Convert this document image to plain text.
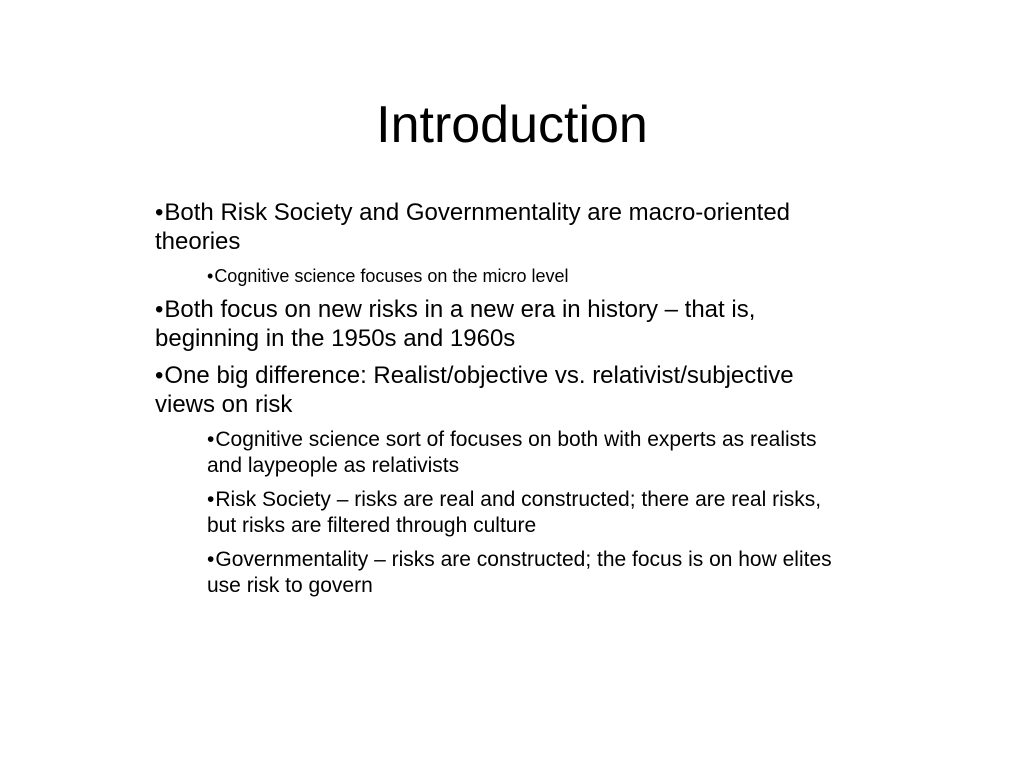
Introduction

•Both Risk Society and Governmentality are macro-oriented theories

•Cognitive science focuses on the micro level

•Both focus on new risks in a new era in history – that is, beginning in the 1950s and 1960s

•One big difference: Realist/objective vs. relativist/subjective views on risk

•Cognitive science sort of focuses on both with experts as realists and laypeople as relativists

•Risk Society – risks are real and constructed; there are real risks, but risks are filtered through culture

•Governmentality – risks are constructed; the focus is on how elites use risk to govern
